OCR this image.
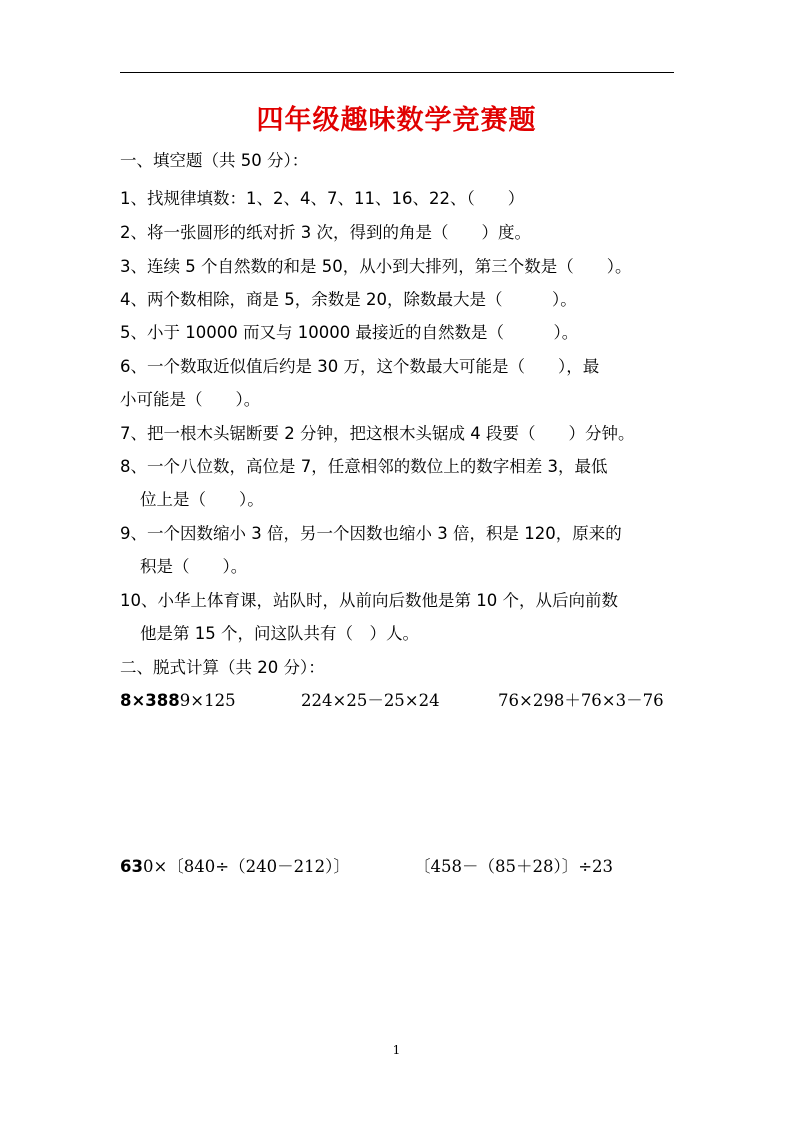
四年级趣味数学竞赛题
一、填空题（共 50 分）：
1、找规律填数：1、2、4、7、11、16、22、（　　）
2、将一张圆形的纸对折 3 次，得到的角是（　　）度。
3、连续 5 个自然数的和是 50，从小到大排列，第三个数是（　　）。
4、两个数相除，商是 5，余数是 20，除数最大是（　　　）。
5、小于 10000 而又与 10000 最接近的自然数是（　　　）。
6、一个数取近似值后约是 30 万，这个数最大可能是（　　），最
小可能是（　　）。
7、把一根木头锯断要 2 分钟，把这根木头锯成 4 段要（　　）分钟。
8、一个八位数，高位是 7，任意相邻的数位上的数字相差 3，最低
位上是（　　）。
9、一个因数缩小 3 倍，另一个因数也缩小 3 倍，积是 120，原来的
积是（　　）。
10、小华上体育课，站队时，从前向后数他是第 10 个，从后向前数
他是第 15 个，问这队共有（　）人。
二、脱式计算（共 20 分）：
8×3889×125	224×25－25×24	76×298＋76×3－76
630×〔840÷（240－212）〕	〔458－（85＋28）〕÷23
1
